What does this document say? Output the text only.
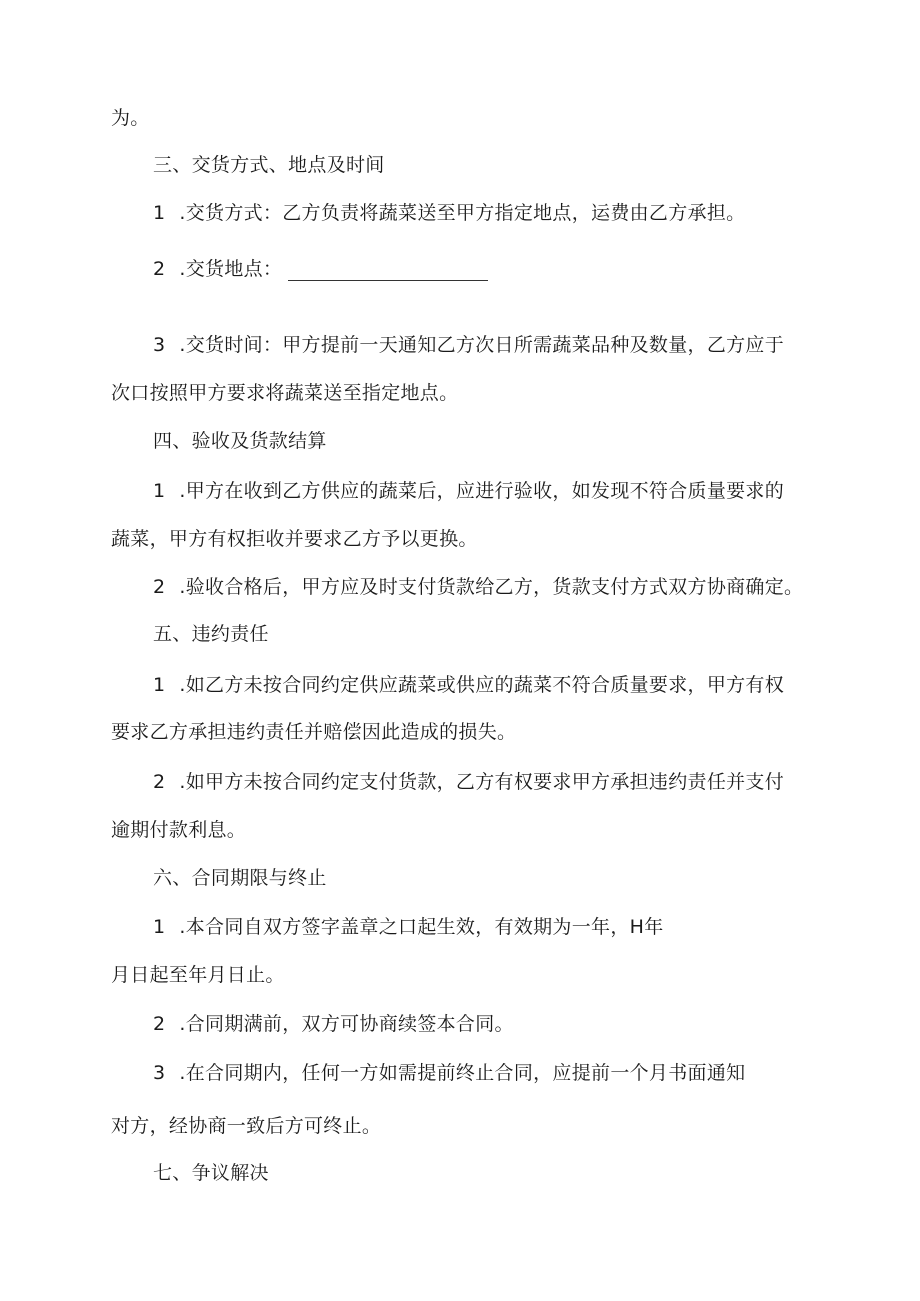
为。
三、交货方式、地点及时间
1 .交货方式：乙方负责将蔬菜送至甲方指定地点，运费由乙方承担。
2 .交货地点：
3 .交货时间：甲方提前一天通知乙方次日所需蔬菜品种及数量，乙方应于
次口按照甲方要求将蔬菜送至指定地点。
四、验收及货款结算
1 .甲方在收到乙方供应的蔬菜后，应进行验收，如发现不符合质量要求的
蔬菜，甲方有权拒收并要求乙方予以更换。
2 .验收合格后，甲方应及时支付货款给乙方，货款支付方式双方协商确定。
五、违约责任
1 .如乙方未按合同约定供应蔬菜或供应的蔬菜不符合质量要求，甲方有权
要求乙方承担违约责任并赔偿因此造成的损失。
2 .如甲方未按合同约定支付货款，乙方有权要求甲方承担违约责任并支付
逾期付款利息。
六、合同期限与终止
1 .本合同自双方签字盖章之口起生效，有效期为一年，H年
月日起至年月日止。
2 .合同期满前，双方可协商续签本合同。
3 .在合同期内，任何一方如需提前终止合同，应提前一个月书面通知
对方，经协商一致后方可终止。
七、争议解决
